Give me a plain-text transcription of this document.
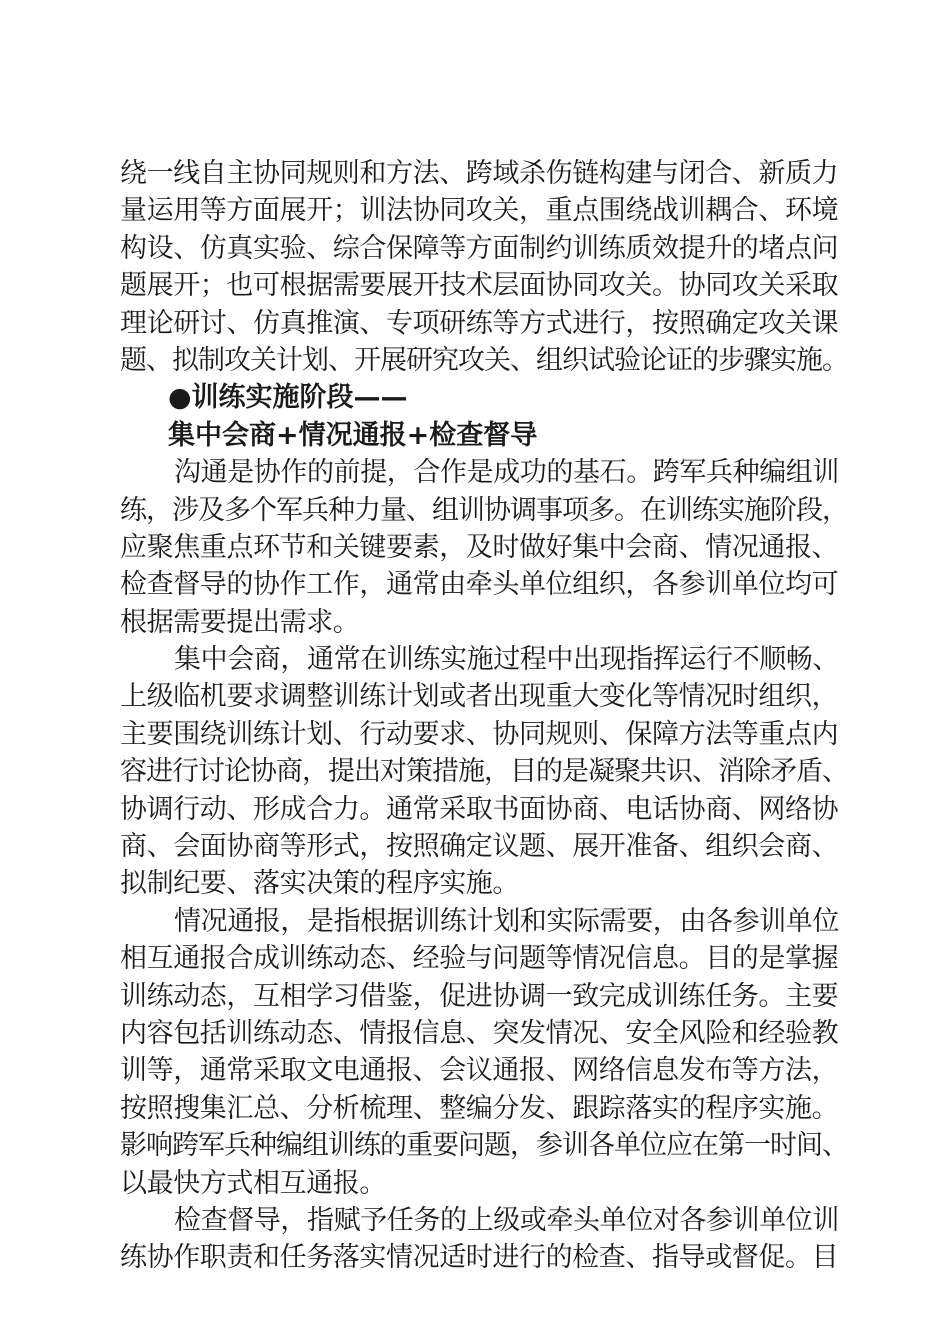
绕一线自主协同规则和方法、跨域杀伤链构建与闭合、新质力
量运用等方面展开；训法协同攻关，重点围绕战训耦合、环境
构设、仿真实验、综合保障等方面制约训练质效提升的堵点问
题展开；也可根据需要展开技术层面协同攻关。协同攻关采取
理论研讨、仿真推演、专项研练等方式进行，按照确定攻关课
题、拟制攻关计划、开展研究攻关、组织试验论证的步骤实施。
●训练实施阶段——
集中会商+情况通报+检查督导
沟通是协作的前提，合作是成功的基石。跨军兵种编组训
练，涉及多个军兵种力量、组训协调事项多。在训练实施阶段，
应聚焦重点环节和关键要素，及时做好集中会商、情况通报、
检查督导的协作工作，通常由牵头单位组织，各参训单位均可
根据需要提出需求。
集中会商，通常在训练实施过程中出现指挥运行不顺畅、
上级临机要求调整训练计划或者出现重大变化等情况时组织，
主要围绕训练计划、行动要求、协同规则、保障方法等重点内
容进行讨论协商，提出对策措施，目的是凝聚共识、消除矛盾、
协调行动、形成合力。通常采取书面协商、电话协商、网络协
商、会面协商等形式，按照确定议题、展开准备、组织会商、
拟制纪要、落实决策的程序实施。
情况通报，是指根据训练计划和实际需要，由各参训单位
相互通报合成训练动态、经验与问题等情况信息。目的是掌握
训练动态，互相学习借鉴，促进协调一致完成训练任务。主要
内容包括训练动态、情报信息、突发情况、安全风险和经验教
训等，通常采取文电通报、会议通报、网络信息发布等方法，
按照搜集汇总、分析梳理、整编分发、跟踪落实的程序实施。
影响跨军兵种编组训练的重要问题，参训各单位应在第一时间、
以最快方式相互通报。
检查督导，指赋予任务的上级或牵头单位对各参训单位训
练协作职责和任务落实情况适时进行的检查、指导或督促。目
